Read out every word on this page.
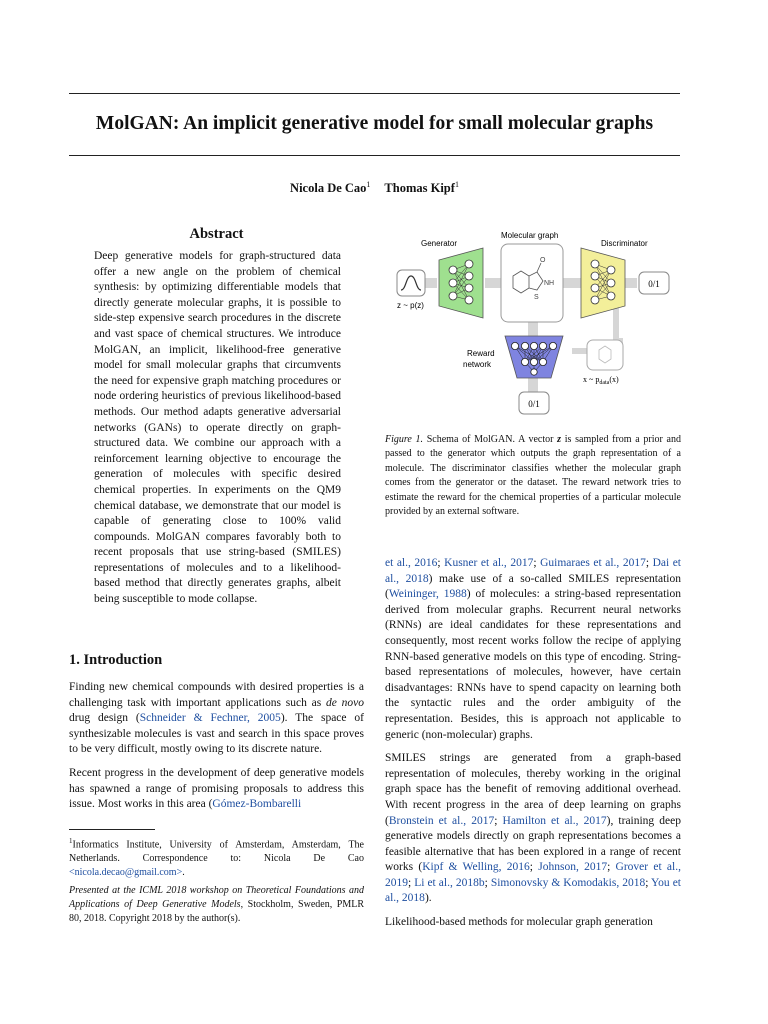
MolGAN: An implicit generative model for small molecular graphs
Nicola De Cao$^1$ Thomas Kipf$^1$
Abstract
Deep generative models for graph-structured data offer a new angle on the problem of chemical synthesis: by optimizing differentiable models that directly generate molecular graphs, it is possible to side-step expensive search procedures in the discrete and vast space of chemical structures. We introduce MolGAN, an implicit, likelihood-free generative model for small molecular graphs that circumvents the need for expensive graph matching procedures or node ordering heuristics of previous likelihood-based methods. Our method adapts generative adversarial networks (GANs) to operate directly on graph-structured data. We combine our approach with a reinforcement learning objective to encourage the generation of molecules with specific desired chemical properties. In experiments on the QM9 chemical database, we demonstrate that our model is capable of generating close to 100% valid compounds. MolGAN compares favorably both to recent proposals that use string-based (SMILES) representations of molecules and to a likelihood-based method that directly generates graphs, albeit being susceptible to mode collapse.
1. Introduction

Finding new chemical compounds with desired properties is a challenging task with important applications such as de novo drug design (Schneider & Fechner, 2005). The space of synthesizable molecules is vast and search in this space proves to be very difficult, mostly owing to its discrete nature.

Recent progress in the development of deep generative models has spawned a range of promising proposals to address this issue. Most works in this area (Gómez-Bombarelli

$^1$Informatics Institute, University of Amsterdam, Amsterdam, The Netherlands. Correspondence to: Nicola De Cao <nicola.decao@gmail.com>.
Presented at the ICML 2018 workshop on Theoretical Foundations and Applications of Deep Generative Models, Stockholm, Sweden, PMLR 80, 2018. Copyright 2018 by the author(s).
z ~ p(z)
Generator
Molecular graph
O
NH
S
Discriminator
0/1
x ~ $p_{data}(x)$
Reward
network
0/1
Figure 1. Schema of MolGAN. A vector z is sampled from a prior and passed to the generator which outputs the graph representation of a molecule. The discriminator classifies whether the molecular graph comes from the generator or the dataset. The reward network tries to estimate the reward for the chemical properties of a particular molecule provided by an external software.

et al., 2016; Kusner et al., 2017; Guimaraes et al., 2017; Dai et al., 2018) make use of a so-called SMILES representation (Weininger, 1988) of molecules: a string-based representation derived from molecular graphs. Recurrent neural networks (RNNs) are ideal candidates for these representations and consequently, most recent works follow the recipe of applying RNN-based generative models on this type of encoding. String-based representations of molecules, however, have certain disadvantages: RNNs have to spend capacity on learning both the syntactic rules and the order ambiguity of the representation. Besides, this is approach not applicable to generic (non-molecular) graphs.

SMILES strings are generated from a graph-based representation of molecules, thereby working in the original graph space has the benefit of removing additional overhead. With recent progress in the area of deep learning on graphs (Bronstein et al., 2017; Hamilton et al., 2017), training deep generative models directly on graph representations becomes a feasible alternative that has been explored in a range of recent works (Kipf & Welling, 2016; Johnson, 2017; Grover et al., 2019; Li et al., 2018b; Simonovsky & Komodakis, 2018; You et al., 2018).

Likelihood-based methods for molecular graph generation
